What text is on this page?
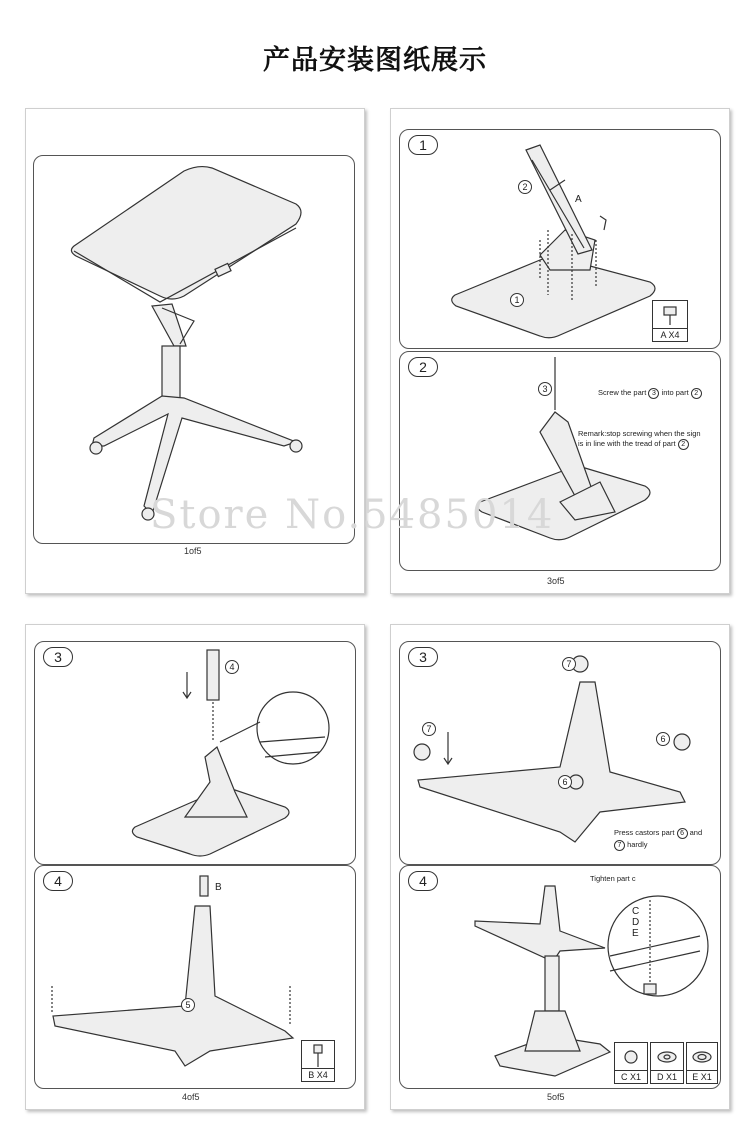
产品安装图纸展示
1of5
1
A
2
1
A X4
2
3	Screw the part 3 into part 2
Remark:stop screwing when the sign
is in line with the tread of part 2
3of5
3
4
4	B
5
B X4
4of5
3	7
7
6
6
Press castors part 6 and
7 hardly
4	Tighten part c
C
D
E
C X1	D X1	E X1
5of5
Store No.5485014
